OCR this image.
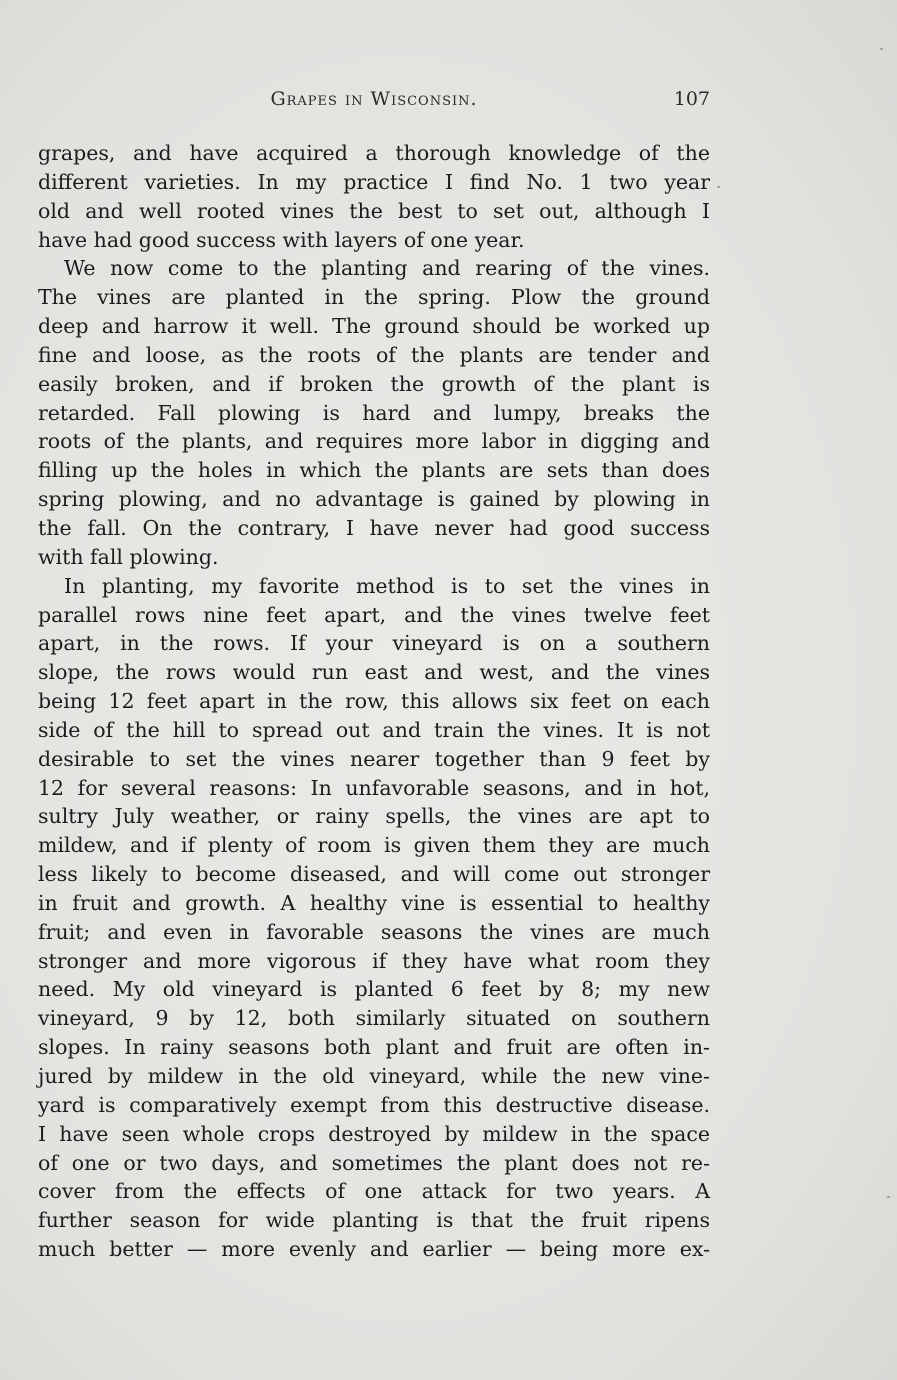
Grapes in Wisconsin.	107
grapes, and have acquired a thorough knowledge of the
different varieties. In my practice I find No. 1 two year
old and well rooted vines the best to set out, although I
have had good success with layers of one year.
We now come to the planting and rearing of the vines.
The vines are planted in the spring. Plow the ground
deep and harrow it well. The ground should be worked up
fine and loose, as the roots of the plants are tender and
easily broken, and if broken the growth of the plant is
retarded. Fall plowing is hard and lumpy, breaks the
roots of the plants, and requires more labor in digging and
filling up the holes in which the plants are sets than does
spring plowing, and no advantage is gained by plowing in
the fall. On the contrary, I have never had good success
with fall plowing.
In planting, my favorite method is to set the vines in
parallel rows nine feet apart, and the vines twelve feet
apart, in the rows. If your vineyard is on a southern
slope, the rows would run east and west, and the vines
being 12 feet apart in the row, this allows six feet on each
side of the hill to spread out and train the vines. It is not
desirable to set the vines nearer together than 9 feet by
12 for several reasons: In unfavorable seasons, and in hot,
sultry July weather, or rainy spells, the vines are apt to
mildew, and if plenty of room is given them they are much
less likely to become diseased, and will come out stronger
in fruit and growth. A healthy vine is essential to healthy
fruit; and even in favorable seasons the vines are much
stronger and more vigorous if they have what room they
need. My old vineyard is planted 6 feet by 8; my new
vineyard, 9 by 12, both similarly situated on southern
slopes. In rainy seasons both plant and fruit are often in-
jured by mildew in the old vineyard, while the new vine-
yard is comparatively exempt from this destructive disease.
I have seen whole crops destroyed by mildew in the space
of one or two days, and sometimes the plant does not re-
cover from the effects of one attack for two years. A
further season for wide planting is that the fruit ripens
much better — more evenly and earlier — being more ex-
